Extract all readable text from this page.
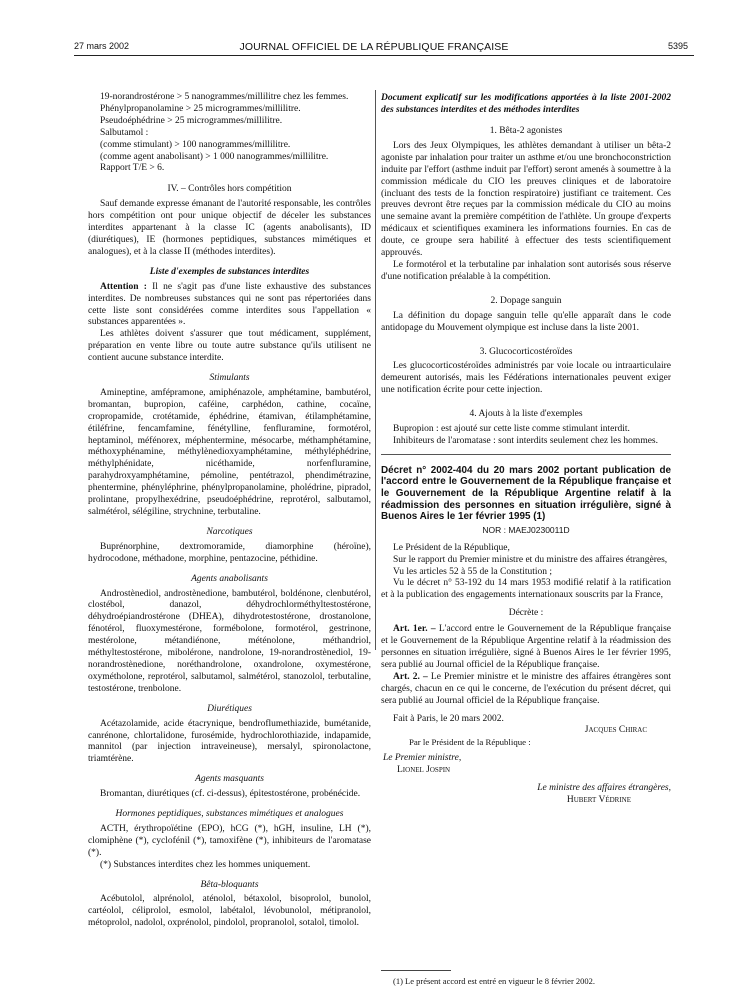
27 mars 2002	JOURNAL OFFICIEL DE LA RÉPUBLIQUE FRANÇAISE	5395

19-norandrostérone > 5 nanogrammes/millilitre chez les femmes.

Phénylpropanolamine > 25 microgrammes/millilitre.

Pseudoéphédrine > 25 microgrammes/millilitre.

Salbutamol :

(comme stimulant) > 100 nanogrammes/millilitre.

(comme agent anabolisant) > 1 000 nanogrammes/millilitre.

Rapport T/E > 6.

IV. – Contrôles hors compétition

Sauf demande expresse émanant de l'autorité responsable, les contrôles hors compétition ont pour unique objectif de déceler les substances interdites appartenant à la classe IC (agents anabolisants), ID (diurétiques), IE (hormones peptidiques, substances mimétiques et analogues), et à la classe II (méthodes interdites).

Liste d'exemples de substances interdites

Attention : Il ne s'agit pas d'une liste exhaustive des substances interdites. De nombreuses substances qui ne sont pas répertoriées dans cette liste sont considérées comme interdites sous l'appellation « substances apparentées ».

Les athlètes doivent s'assurer que tout médicament, supplément, préparation en vente libre ou toute autre substance qu'ils utilisent ne contient aucune substance interdite.

Stimulants

Amineptine, amfépramone, amiphénazole, amphétamine, bambutérol, bromantan, bupropion, caféine, carphédon, cathine, cocaïne, cropropamide, crotétamide, éphédrine, étamivan, étilamphétamine, étiléfrine, fencamfamine, fénétylline, fenfluramine, formotérol, heptaminol, méfénorex, méphentermine, mésocarbe, méthamphétamine, méthoxyphénamine, méthylènedioxyamphétamine, méthyléphédrine, méthylphénidate, nicéthamide, norfenfluramine, parahydroxyamphétamine, pémoline, pentétrazol, phendimétrazine, phentermine, phényléphrine, phénylpropanolamine, pholédrine, pipradol, prolintane, propylhexédrine, pseudoéphédrine, reprotérol, salbutamol, salmétérol, sélégiline, strychnine, terbutaline.

Narcotiques

Buprénorphine, dextromoramide, diamorphine (héroïne), hydrocodone, méthadone, morphine, pentazocine, péthidine.

Agents anabolisants

Androstènediol, androstènedione, bambutérol, boldénone, clenbutérol, clostébol, danazol, déhydrochlorméthyltestostérone, déhydroépiandrostérone (DHEA), dihydrotestostérone, drostanolone, fénotérol, fluoxymestérone, formébolone, formotérol, gestrinone, mestérolone, métandiénone, méténolone, méthandriol, méthyltestostérone, mibolérone, nandrolone, 19-norandrostènediol, 19-norandrostènedione, noréthandrolone, oxandrolone, oxymestérone, oxymétholone, reprotérol, salbutamol, salmétérol, stanozolol, terbutaline, testostérone, trenbolone.

Diurétiques

Acétazolamide, acide étacrynique, bendroflumethiazide, bumétanide, canrénone, chlortalidone, furosémide, hydrochlorothiazide, indapamide, mannitol (par injection intraveineuse), mersalyl, spironolactone, triamtérène.

Agents masquants

Bromantan, diurétiques (cf. ci-dessus), épitestostérone, probénécide.

Hormones peptidiques, substances mimétiques et analogues

ACTH, érythropoïétine (EPO), hCG (*), hGH, insuline, LH (*), clomiphène (*), cyclofénil (*), tamoxifène (*), inhibiteurs de l'aromatase (*).

(*) Substances interdites chez les hommes uniquement.

Bêta-bloquants

Acébutolol, alprénolol, aténolol, bétaxolol, bisoprolol, bunolol, cartéolol, céliprolol, esmolol, labétalol, lévobunolol, métipranolol, métoprolol, nadolol, oxprénolol, pindolol, propranolol, sotalol, timolol.

Document explicatif sur les modifications apportées à la liste 2001-2002 des substances interdites et des méthodes interdites

1. Bêta-2 agonistes

Lors des Jeux Olympiques, les athlètes demandant à utiliser un bêta-2 agoniste par inhalation pour traiter un asthme et/ou une bronchoconstriction induite par l'effort (asthme induit par l'effort) seront amenés à soumettre à la commission médicale du CIO les preuves cliniques et de laboratoire (incluant des tests de la fonction respiratoire) justifiant ce traitement. Ces preuves devront être reçues par la commission médicale du CIO au moins une semaine avant la première compétition de l'athlète. Un groupe d'experts médicaux et scientifiques examinera les informations fournies. En cas de doute, ce groupe sera habilité à effectuer des tests scientifiquement approuvés.

Le formotérol et la terbutaline par inhalation sont autorisés sous réserve d'une notification préalable à la compétition.

2. Dopage sanguin

La définition du dopage sanguin telle qu'elle apparaît dans le code antidopage du Mouvement olympique est incluse dans la liste 2001.

3. Glucocorticostéroïdes

Les glucocorticostéroïdes administrés par voie locale ou intraarticulaire demeurent autorisés, mais les Fédérations internationales peuvent exiger une notification écrite pour cette injection.

4. Ajouts à la liste d'exemples

Bupropion : est ajouté sur cette liste comme stimulant interdit.

Inhibiteurs de l'aromatase : sont interdits seulement chez les hommes.

Décret n° 2002-404 du 20 mars 2002 portant publication de l'accord entre le Gouvernement de la République française et le Gouvernement de la République Argentine relatif à la réadmission des personnes en situation irrégulière, signé à Buenos Aires le 1er février 1995 (1)

NOR : MAEJ0230011D

Le Président de la République,

Sur le rapport du Premier ministre et du ministre des affaires étrangères,

Vu les articles 52 à 55 de la Constitution ;

Vu le décret n° 53-192 du 14 mars 1953 modifié relatif à la ratification et à la publication des engagements internationaux souscrits par la France,

Décrète :

Art. 1er. – L'accord entre le Gouvernement de la République française et le Gouvernement de la République Argentine relatif à la réadmission des personnes en situation irrégulière, signé à Buenos Aires le 1er février 1995, sera publié au Journal officiel de la République française.

Art. 2. – Le Premier ministre et le ministre des affaires étrangères sont chargés, chacun en ce qui le concerne, de l'exécution du présent décret, qui sera publié au Journal officiel de la République française.

Fait à Paris, le 20 mars 2002.

Jacques Chirac
Par le Président de la République :
Le Premier ministre,
Lionel Jospin
Le ministre des affaires étrangères,
Hubert Védrine
(1) Le présent accord est entré en vigueur le 8 février 2002.
